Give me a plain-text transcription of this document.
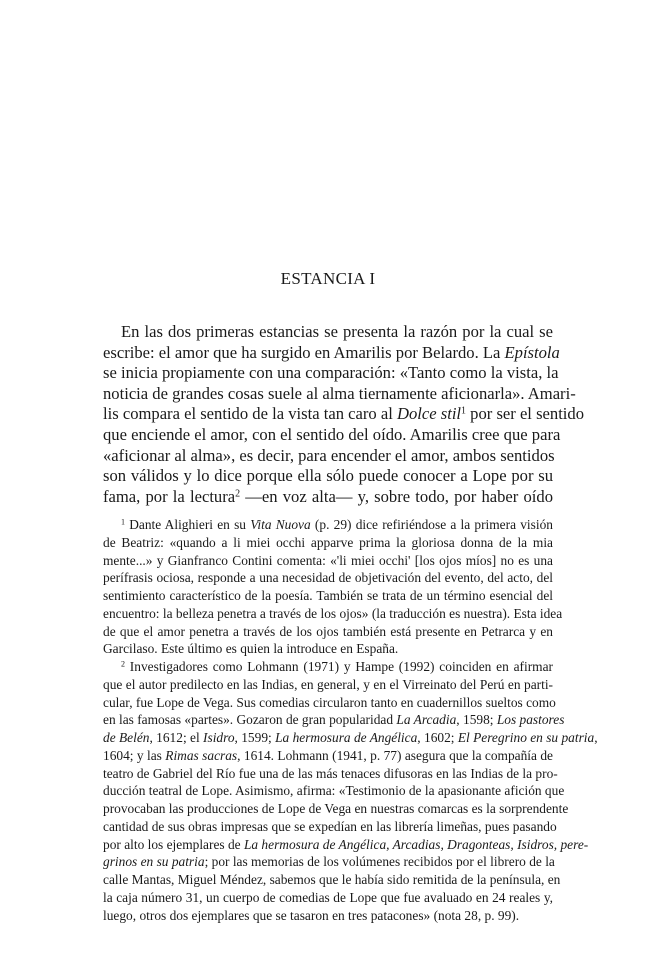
ESTANCIA I
En las dos primeras estancias se presenta la razón por la cual se
escribe: el amor que ha surgido en Amarilis por Belardo. La Epístola
se inicia propiamente con una comparación: «Tanto como la vista, la
noticia de grandes cosas suele al alma tiernamente aficionarla». Amari-
lis compara el sentido de la vista tan caro al Dolce stil$^1$ por ser el sentido
que enciende el amor, con el sentido del oído. Amarilis cree que para
«aficionar al alma», es decir, para encender el amor, ambos sentidos
son válidos y lo dice porque ella sólo puede conocer a Lope por su
fama, por la lectura$^2$ —en voz alta— y, sobre todo, por haber oído
$^1$ Dante Alighieri en su Vita Nuova (p. 29) dice refiriéndose a la primera visión
de Beatriz: «quando a li miei occhi apparve prima la gloriosa donna de la mia
mente...» y Gianfranco Contini comenta: «'li miei occhi' [los ojos míos] no es una
perífrasis ociosa, responde a una necesidad de objetivación del evento, del acto, del
sentimiento característico de la poesía. También se trata de un término esencial del
encuentro: la belleza penetra a través de los ojos» (la traducción es nuestra). Esta idea
de que el amor penetra a través de los ojos también está presente en Petrarca y en
Garcilaso. Este último es quien la introduce en España.
$^2$ Investigadores como Lohmann (1971) y Hampe (1992) coinciden en afirmar
que el autor predilecto en las Indias, en general, y en el Virreinato del Perú en parti-
cular, fue Lope de Vega. Sus comedias circularon tanto en cuadernillos sueltos como
en las famosas «partes». Gozaron de gran popularidad La Arcadia, 1598; Los pastores
de Belén, 1612; el Isidro, 1599; La hermosura de Angélica, 1602; El Peregrino en su patria,
1604; y las Rimas sacras, 1614. Lohmann (1941, p. 77) asegura que la compañía de
teatro de Gabriel del Río fue una de las más tenaces difusoras en las Indias de la pro-
ducción teatral de Lope. Asimismo, afirma: «Testimonio de la apasionante afición que
provocaban las producciones de Lope de Vega en nuestras comarcas es la sorprendente
cantidad de sus obras impresas que se expedían en las librería limeñas, pues pasando
por alto los ejemplares de La hermosura de Angélica, Arcadias, Dragonteas, Isidros, pere-
grinos en su patria; por las memorias de los volúmenes recibidos por el librero de la
calle Mantas, Miguel Méndez, sabemos que le había sido remitida de la península, en
la caja número 31, un cuerpo de comedias de Lope que fue avaluado en 24 reales y,
luego, otros dos ejemplares que se tasaron en tres patacones» (nota 28, p. 99).
